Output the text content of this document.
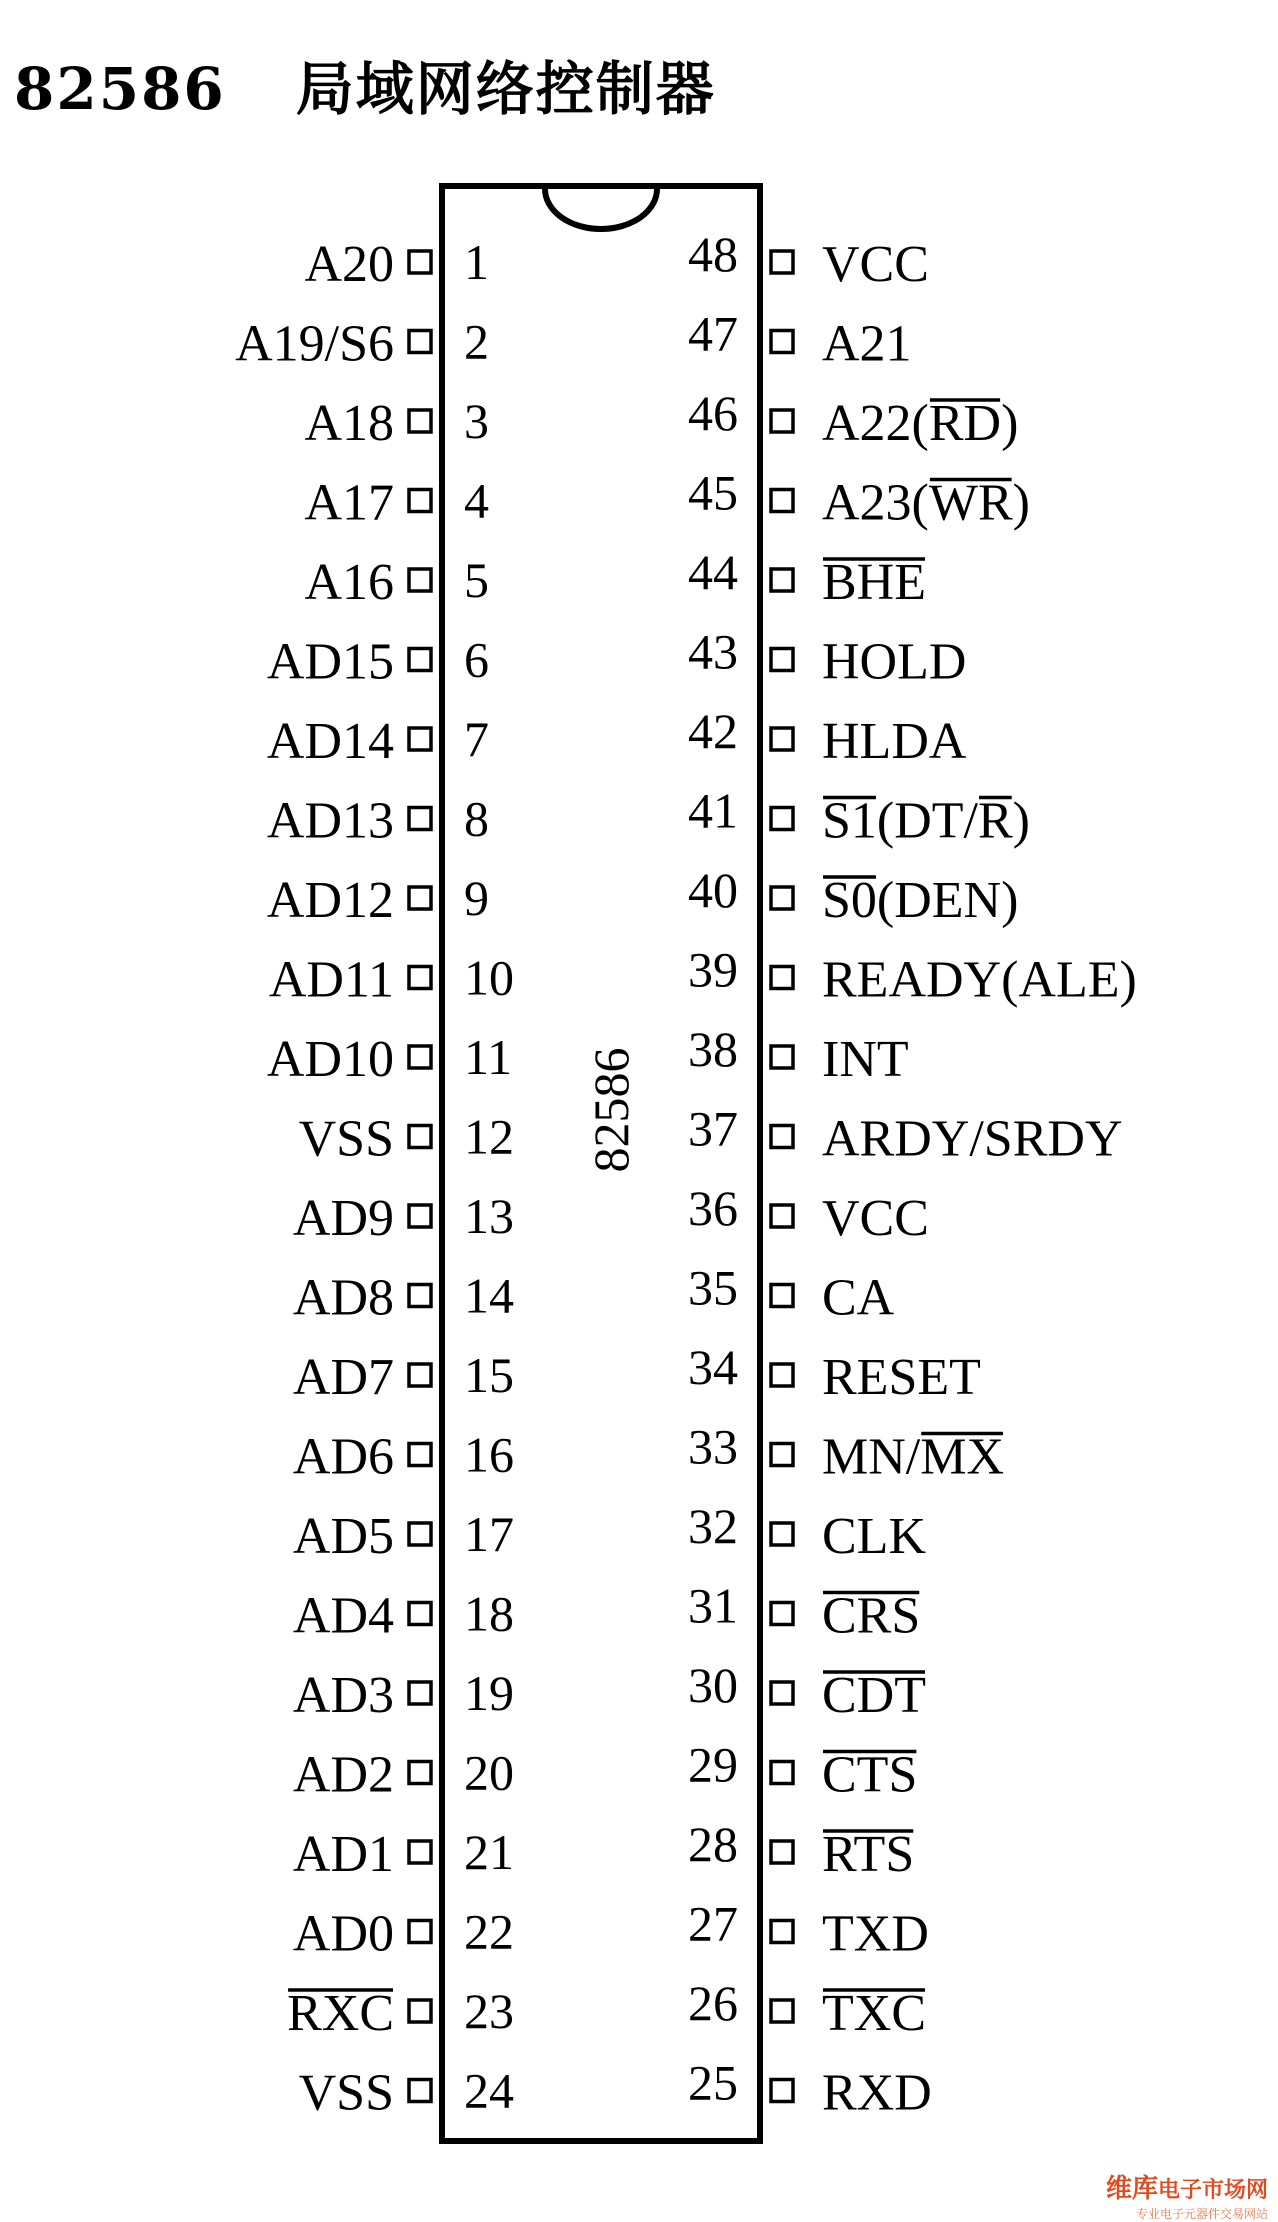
82586 局域网络控制器
82586
1
A20
2
A19/S6
3
A18
4
A17
5
A16
6
AD15
7
AD14
8
AD13
9
AD12
10
AD11
11
AD10
12
VSS
13
AD9
14
AD8
15
AD7
16
AD6
17
AD5
18
AD4
19
AD3
20
AD2
21
AD1
22
AD0
23
RXC
24
VSS
48 VCC
47 A21
46 A22(RD)
45 A23(WR)
44 BHE
43 HOLD
42 HLDA
41 S1(DT/R)
40 S0(DEN)
39 READY(ALE)
38 INT
37 ARDY/SRDY
36 VCC
35 CA
34 RESET
33 MN/MX
32 CLK
31 CRS
30 CDT
29 CTS
28 RTS
27 TXD
26 TXC
25 RXD
维库电子市场网
专业电子元器件交易网站
